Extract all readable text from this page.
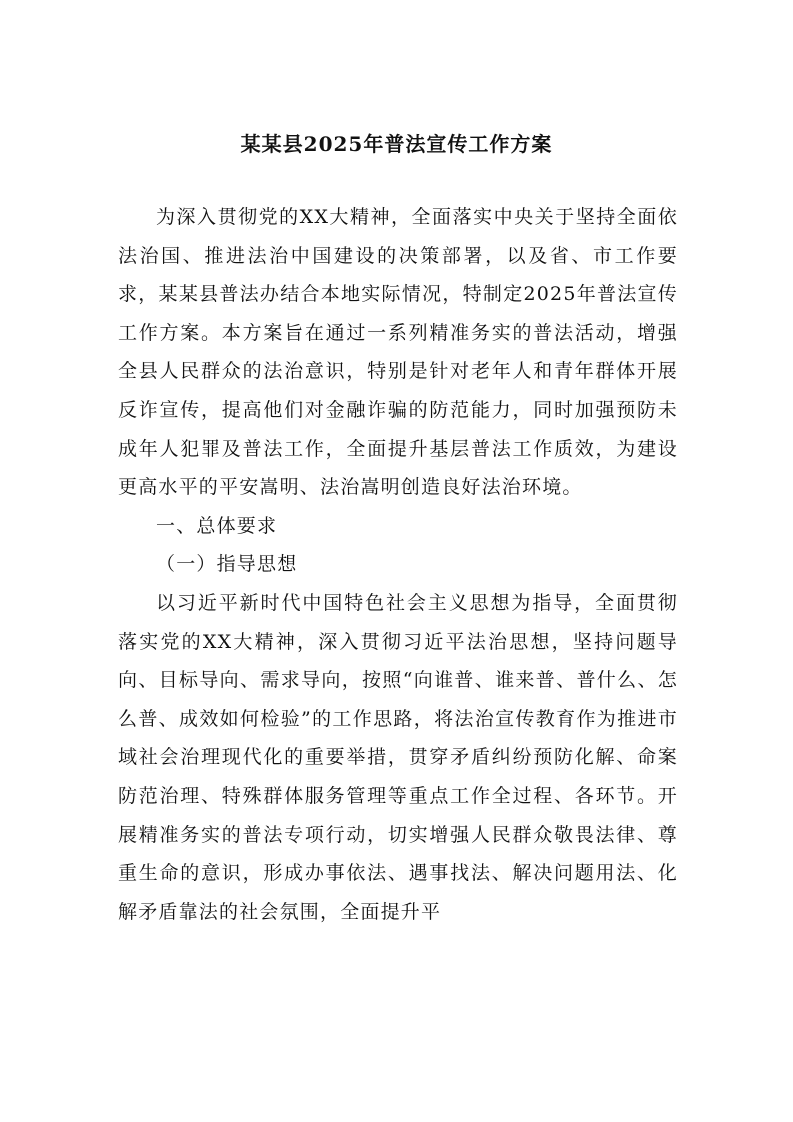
某某县2025年普法宣传工作方案

为深入贯彻党的XX大精神，全面落实中央关于坚持全面依法治国、推进法治中国建设的决策部署，以及省、市工作要求，某某县普法办结合本地实际情况，特制定2025年普法宣传工作方案。本方案旨在通过一系列精准务实的普法活动，增强全县人民群众的法治意识，特别是针对老年人和青年群体开展反诈宣传，提高他们对金融诈骗的防范能力，同时加强预防未成年人犯罪及普法工作，全面提升基层普法工作质效，为建设更高水平的平安嵩明、法治嵩明创造良好法治环境。

一、总体要求

（一）指导思想

以习近平新时代中国特色社会主义思想为指导，全面贯彻落实党的XX大精神，深入贯彻习近平法治思想，坚持问题导向、目标导向、需求导向，按照“向谁普、谁来普、普什么、怎么普、成效如何检验”的工作思路，将法治宣传教育作为推进市域社会治理现代化的重要举措，贯穿矛盾纠纷预防化解、命案防范治理、特殊群体服务管理等重点工作全过程、各环节。开展精准务实的普法专项行动，切实增强人民群众敬畏法律、尊重生命的意识，形成办事依法、遇事找法、解决问题用法、化解矛盾靠法的社会氛围，全面提升平
